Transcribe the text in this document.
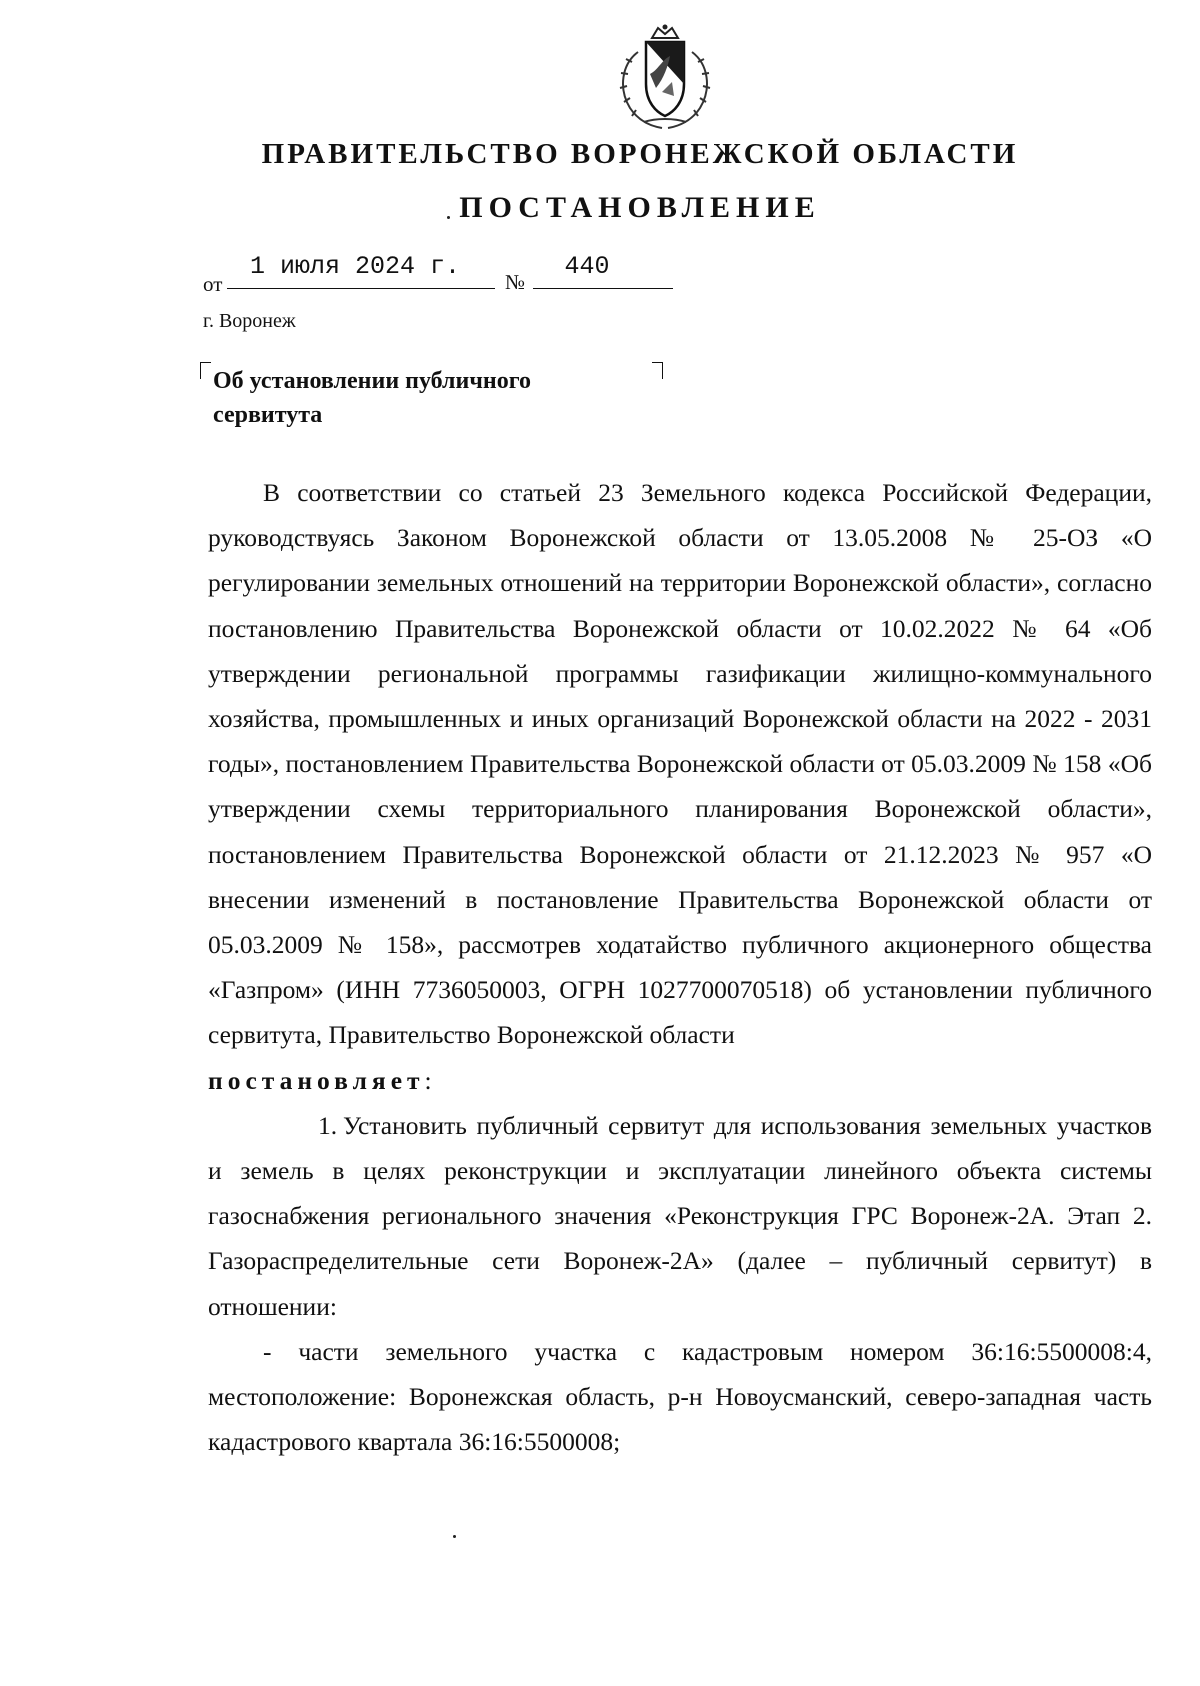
ПРАВИТЕЛЬСТВО ВОРОНЕЖСКОЙ ОБЛАСТИ
ПОСТАНОВЛЕНИЕ
от
1 июля 2024 г.
№
440
г. Воронеж
Об установлении публичного
сервитута

В соответствии со статьей 23 Земельного кодекса Российской Федерации, руководствуясь Законом Воронежской области от 13.05.2008 № 25-ОЗ «О регулировании земельных отношений на территории Воронежской области», согласно постановлению Правительства Воронежской области от 10.02.2022 № 64 «Об утверждении региональной программы газификации жилищно-коммунального хозяйства, промышленных и иных организаций Воронежской области на 2022 - 2031 годы», постановлением Правительства Воронежской области от 05.03.2009 № 158 «Об утверждении схемы территориального планирования Воронежской области», постановлением Правительства Воронежской области от 21.12.2023 № 957 «О внесении изменений в постановление Правительства Воронежской области от 05.03.2009 № 158», рассмотрев ходатайство публичного акционерного общества «Газпром» (ИНН 7736050003, ОГРН 1027700070518) об установлении публичного сервитута, Правительство Воронежской области

постановляет:

1. Установить публичный сервитут для использования земельных участков и земель в целях реконструкции и эксплуатации линейного объекта системы газоснабжения регионального значения «Реконструкция ГРС Воронеж-2А. Этап 2. Газораспределительные сети Воронеж-2А» (далее – публичный сервитут) в отношении:

- части земельного участка с кадастровым номером 36:16:5500008:4, местоположение: Воронежская область, р-н Новоусманский, северо-западная часть кадастрового квартала 36:16:5500008;
